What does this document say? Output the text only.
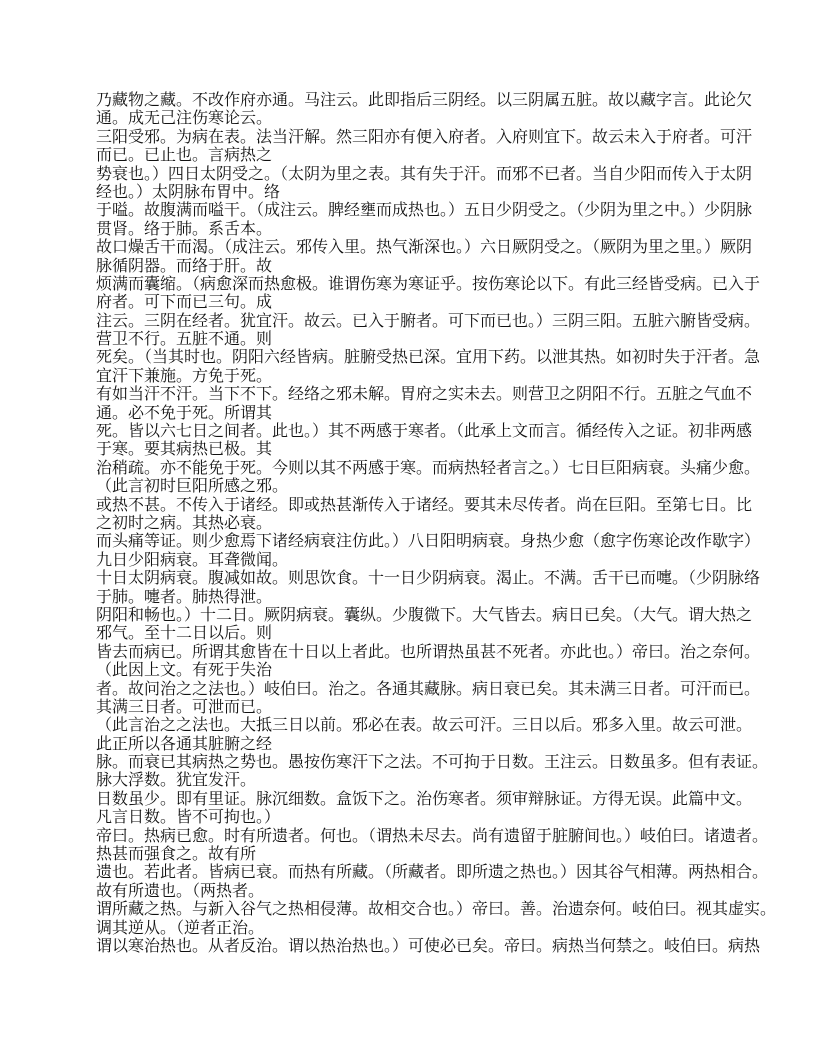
乃藏物之藏。不改作府亦通。马注云。此即指后三阴经。以三阴属五脏。故以藏字言。此论欠
通。成无己注伤寒论云。
三阳受邪。为病在表。法当汗解。然三阳亦有便入府者。入府则宜下。故云未入于府者。可汗
而已。已止也。言病热之
势衰也。）四日太阴受之。（太阴为里之表。其有失于汗。而邪不已者。当自少阳而传入于太阴
经也。）太阴脉布胃中。络
于嗌。故腹满而嗌干。（成注云。脾经壅而成热也。）五日少阴受之。（少阴为里之中。）少阴脉
贯肾。络于肺。系舌本。
故口燥舌干而渴。（成注云。邪传入里。热气渐深也。）六日厥阴受之。（厥阴为里之里。）厥阴
脉循阴器。而络于肝。故
烦满而囊缩。（病愈深而热愈极。谁谓伤寒为寒证乎。按伤寒论以下。有此三经皆受病。已入于
府者。可下而已三句。成
注云。三阴在经者。犹宜汗。故云。已入于腑者。可下而已也。）三阴三阳。五脏六腑皆受病。
营卫不行。五脏不通。则
死矣。（当其时也。阴阳六经皆病。脏腑受热已深。宜用下药。以泄其热。如初时失于汗者。急
宜汗下兼施。方免于死。
有如当汗不汗。当下不下。经络之邪未解。胃府之实未去。则营卫之阴阳不行。五脏之气血不
通。必不免于死。所谓其
死。皆以六七日之间者。此也。）其不两感于寒者。（此承上文而言。循经传入之证。初非两感
于寒。要其病热已极。其
治稍疏。亦不能免于死。今则以其不两感于寒。而病热轻者言之。）七日巨阳病衰。头痛少愈。
（此言初时巨阳所感之邪。
或热不甚。不传入于诸经。即或热甚渐传入于诸经。要其未尽传者。尚在巨阳。至第七日。比
之初时之病。其热必衰。
而头痛等证。则少愈焉下诸经病衰注仿此。）八日阳明病衰。身热少愈（愈字伤寒论改作歇字）
九日少阳病衰。耳聋微闻。
十日太阴病衰。腹减如故。则思饮食。十一日少阴病衰。渴止。不满。舌干已而嚏。（少阴脉络
于肺。嚏者。肺热得泄。
阴阳和畅也。）十二日。厥阴病衰。囊纵。少腹微下。大气皆去。病日已矣。（大气。谓大热之
邪气。至十二日以后。则
皆去而病已。所谓其愈皆在十日以上者此。也所谓热虽甚不死者。亦此也。）帝曰。治之奈何。
（此因上文。有死于失治
者。故问治之之法也。）岐伯曰。治之。各通其藏脉。病日衰已矣。其未满三日者。可汗而已。
其满三日者。可泄而已。
（此言治之之法也。大抵三日以前。邪必在表。故云可汗。三日以后。邪多入里。故云可泄。
此正所以各通其脏腑之经
脉。而衰已其病热之势也。愚按伤寒汗下之法。不可拘于日数。王注云。日数虽多。但有表证。
脉大浮数。犹宜发汗。
日数虽少。即有里证。脉沉细数。盒饭下之。治伤寒者。须审辩脉证。方得无误。此篇中文。
凡言日数。皆不可拘也。）
帝曰。热病已愈。时有所遗者。何也。（谓热未尽去。尚有遗留于脏腑间也。）岐伯曰。诸遗者。
热甚而强食之。故有所
遗也。若此者。皆病已衰。而热有所藏。（所藏者。即所遗之热也。）因其谷气相薄。两热相合。
故有所遗也。（两热者。
谓所藏之热。与新入谷气之热相侵薄。故相交合也。）帝曰。善。治遗奈何。岐伯曰。视其虚实。
调其逆从。（逆者正治。
谓以寒治热也。从者反治。谓以热治热也。）可使必已矣。帝曰。病热当何禁之。岐伯曰。病热
